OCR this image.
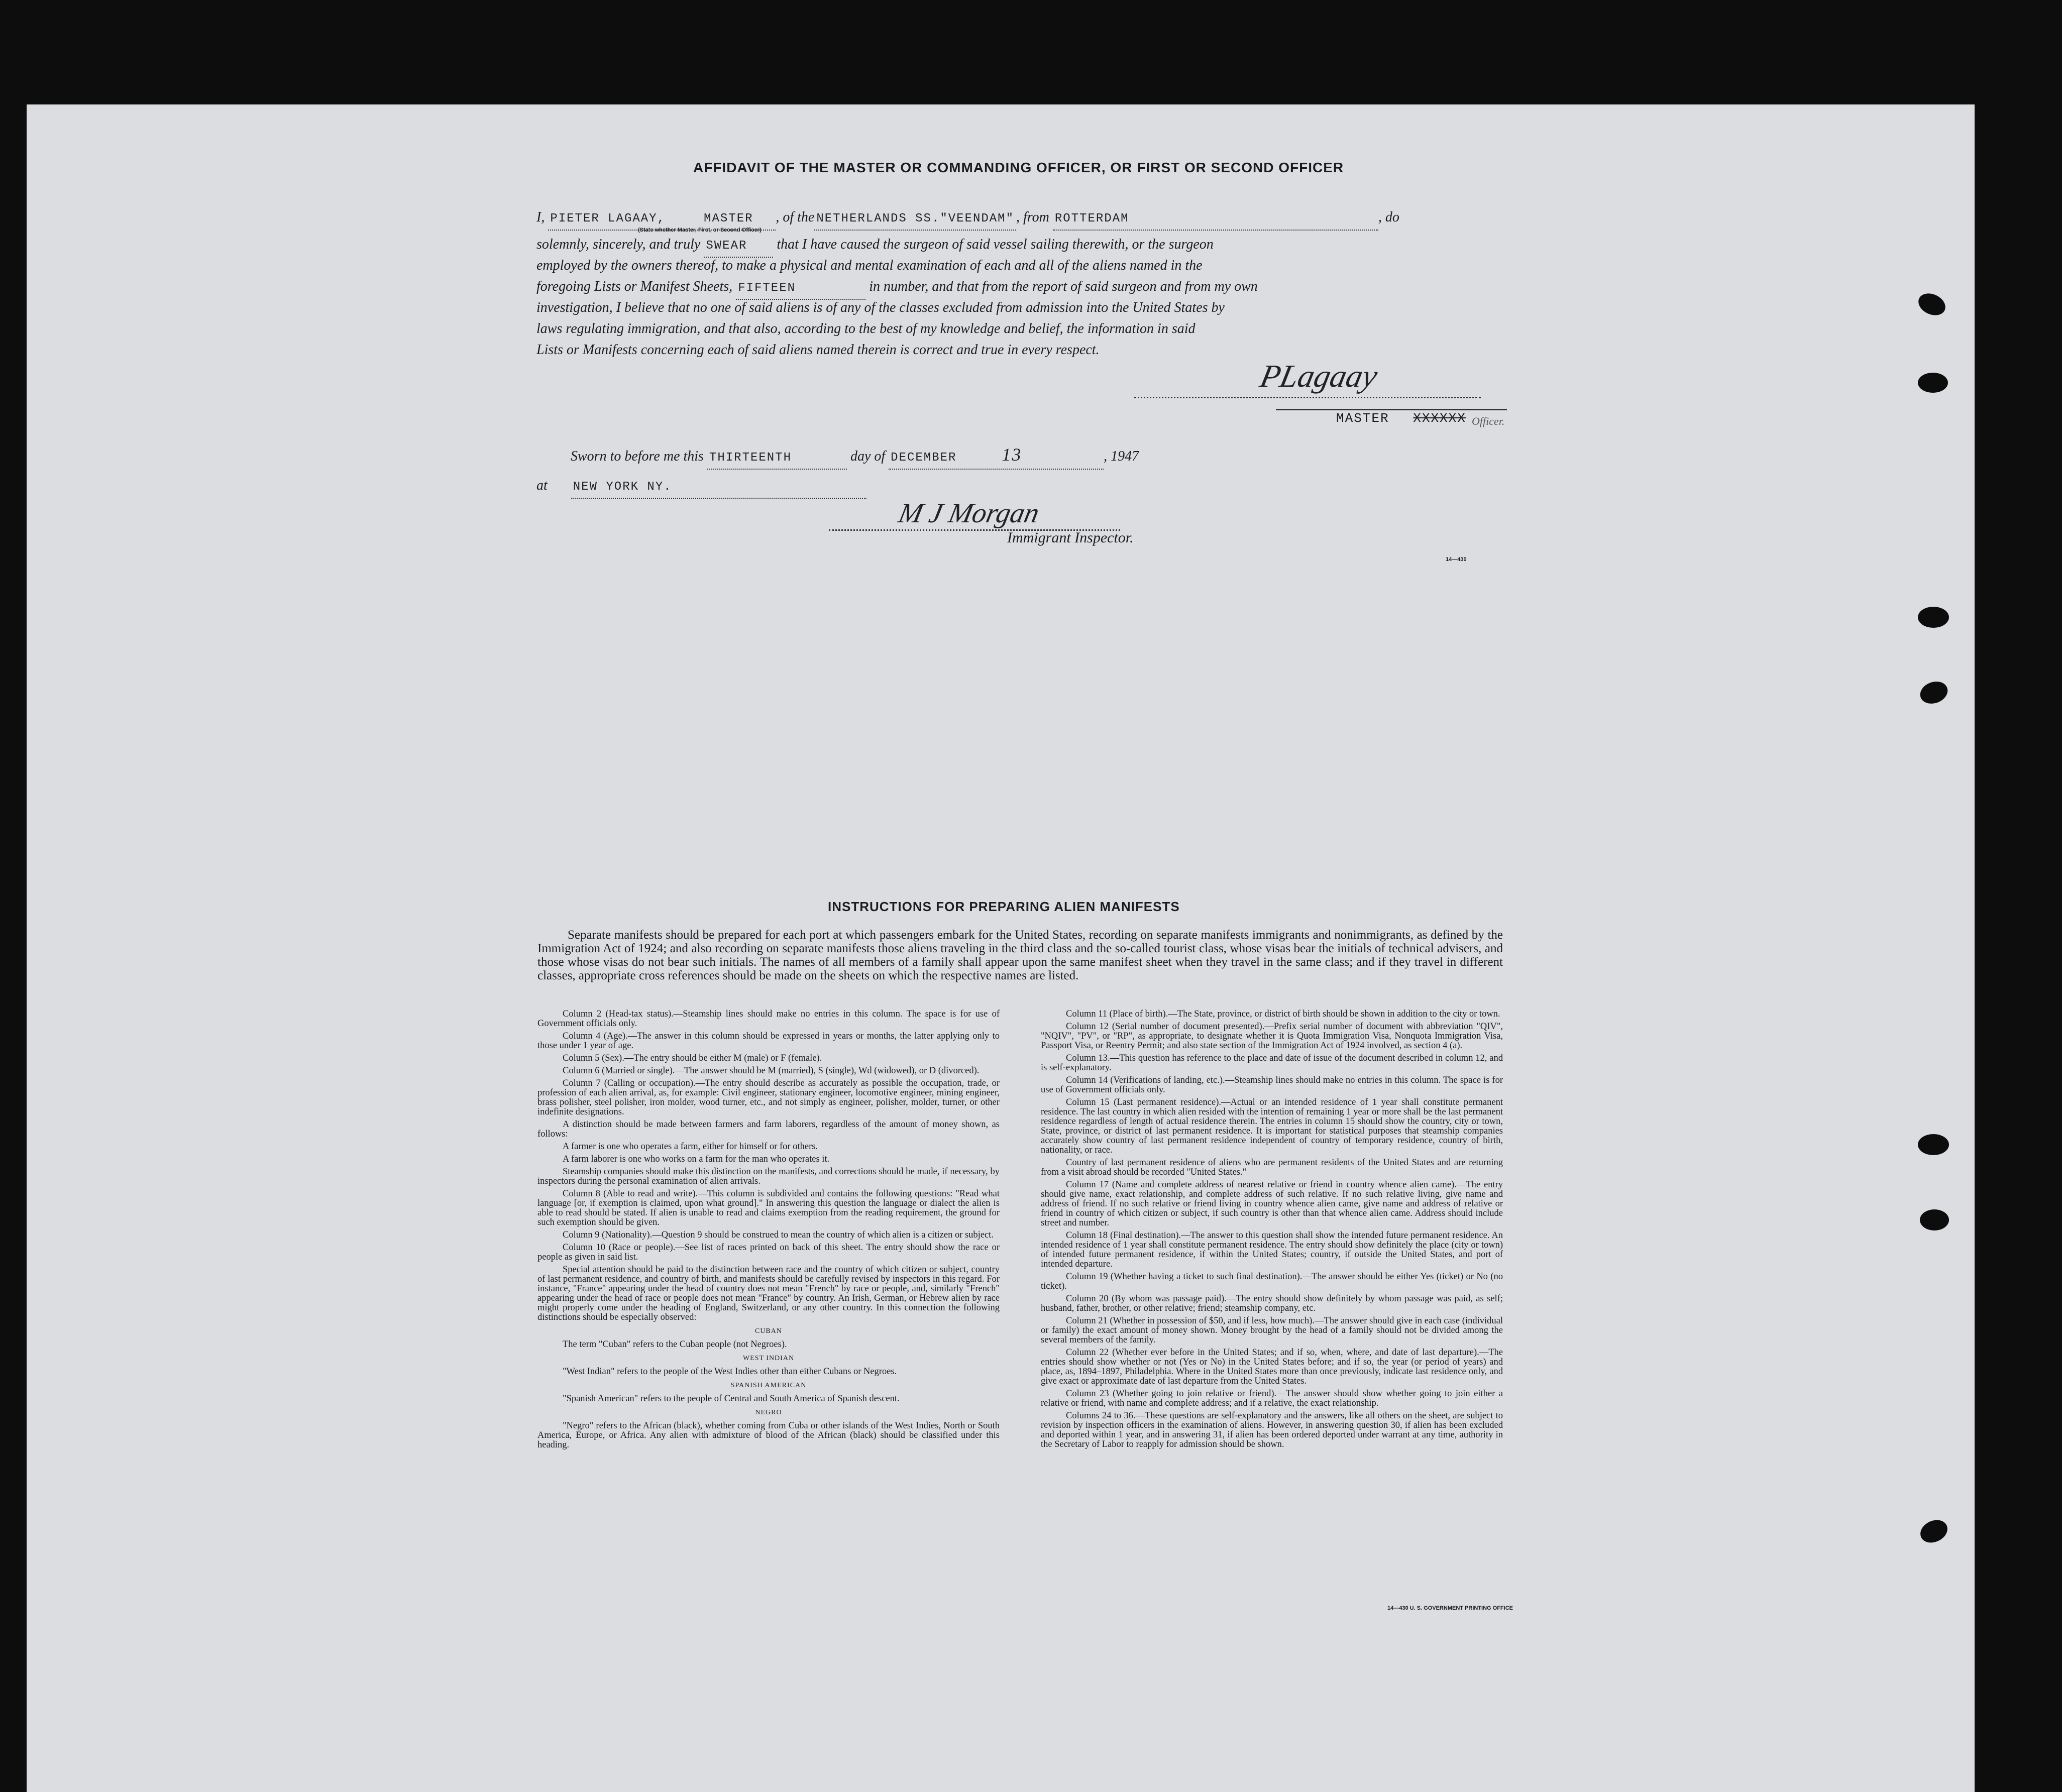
AFFIDAVIT OF THE MASTER OR COMMANDING OFFICER, OR FIRST OR SECOND OFFICER
I, PIETER LAGAAY,	MASTER , of the NETHERLANDS SS."VEENDAM" , from ROTTERDAM	, do
(State whether Master, First, or Second Officer)
solemnly, sincerely, and truly SWEAR that I have caused the surgeon of said vessel sailing therewith, or the surgeon
employed by the owners thereof, to make a physical and mental examination of each and all of the aliens named in the
foregoing Lists or Manifest Sheets, FIFTEEN	in number, and that from the report of said surgeon and from my own
investigation, I believe that no one of said aliens is of any of the classes excluded from admission into the United States by
laws regulating immigration, and that also, according to the best of my knowledge and belief, the information in said
Lists or Manifests concerning each of said aliens named therein is correct and true in every respect.
PLagaay
MASTER XXXXXX Officer.
Sworn to before me this THIRTEENTH	day of DECEMBER	13	, 1947
at NEW YORK NY.
M J Morgan
Immigrant Inspector.
14—430
INSTRUCTIONS FOR PREPARING ALIEN MANIFESTS
Separate manifests should be prepared for each port at which passengers embark for the United States, recording on separate manifests immigrants and nonimmigrants, as defined by the Immigration Act of 1924; and also recording on separate manifests those aliens traveling in the third class and the so-called tourist class, whose visas bear the initials of technical advisers, and those whose visas do not bear such initials. The names of all members of a family shall appear upon the same manifest sheet when they travel in the same class; and if they travel in different classes, appropriate cross references should be made on the sheets on which the respective names are listed.

Column 2 (Head-tax status).—Steamship lines should make no entries in this column. The space is for use of Government officials only.

Column 4 (Age).—The answer in this column should be expressed in years or months, the latter applying only to those under 1 year of age.

Column 5 (Sex).—The entry should be either M (male) or F (female).

Column 6 (Married or single).—The answer should be M (married), S (single), Wd (widowed), or D (divorced).

Column 7 (Calling or occupation).—The entry should describe as accurately as possible the occupation, trade, or profession of each alien arrival, as, for example: Civil engineer, stationary engineer, locomotive engineer, mining engineer, brass polisher, steel polisher, iron molder, wood turner, etc., and not simply as engineer, polisher, molder, turner, or other indefinite designations.

A distinction should be made between farmers and farm laborers, regardless of the amount of money shown, as follows:

A farmer is one who operates a farm, either for himself or for others.

A farm laborer is one who works on a farm for the man who operates it.

Steamship companies should make this distinction on the manifests, and corrections should be made, if necessary, by inspectors during the personal examination of alien arrivals.

Column 8 (Able to read and write).—This column is subdivided and contains the following questions: "Read what language [or, if exemption is claimed, upon what ground]." In answering this question the language or dialect the alien is able to read should be stated. If alien is unable to read and claims exemption from the reading requirement, the ground for such exemption should be given.

Column 9 (Nationality).—Question 9 should be construed to mean the country of which alien is a citizen or subject.

Column 10 (Race or people).—See list of races printed on back of this sheet. The entry should show the race or people as given in said list.

Special attention should be paid to the distinction between race and the country of which citizen or subject, country of last permanent residence, and country of birth, and manifests should be carefully revised by inspectors in this regard. For instance, "France" appearing under the head of country does not mean "French" by race or people, and, similarly "French" appearing under the head of race or people does not mean "France" by country. An Irish, German, or Hebrew alien by race might properly come under the heading of England, Switzerland, or any other country. In this connection the following distinctions should be especially observed:

CUBAN

The term "Cuban" refers to the Cuban people (not Negroes).

WEST INDIAN

"West Indian" refers to the people of the West Indies other than either Cubans or Negroes.

SPANISH AMERICAN

"Spanish American" refers to the people of Central and South America of Spanish descent.

NEGRO

"Negro" refers to the African (black), whether coming from Cuba or other islands of the West Indies, North or South America, Europe, or Africa. Any alien with admixture of blood of the African (black) should be classified under this heading.

Column 11 (Place of birth).—The State, province, or district of birth should be shown in addition to the city or town.

Column 12 (Serial number of document presented).—Prefix serial number of document with abbreviation "QIV", "NQIV", "PV", or "RP", as appropriate, to designate whether it is Quota Immigration Visa, Nonquota Immigration Visa, Passport Visa, or Reentry Permit; and also state section of the Immigration Act of 1924 involved, as section 4 (a).

Column 13.—This question has reference to the place and date of issue of the document described in column 12, and is self-explanatory.

Column 14 (Verifications of landing, etc.).—Steamship lines should make no entries in this column. The space is for use of Government officials only.

Column 15 (Last permanent residence).—Actual or an intended residence of 1 year shall constitute permanent residence. The last country in which alien resided with the intention of remaining 1 year or more shall be the last permanent residence regardless of length of actual residence therein. The entries in column 15 should show the country, city or town, State, province, or district of last permanent residence. It is important for statistical purposes that steamship companies accurately show country of last permanent residence independent of country of temporary residence, country of birth, nationality, or race.

Country of last permanent residence of aliens who are permanent residents of the United States and are returning from a visit abroad should be recorded "United States."

Column 17 (Name and complete address of nearest relative or friend in country whence alien came).—The entry should give name, exact relationship, and complete address of such relative. If no such relative living, give name and address of friend. If no such relative or friend living in country whence alien came, give name and address of relative or friend in country of which citizen or subject, if such country is other than that whence alien came. Address should include street and number.

Column 18 (Final destination).—The answer to this question shall show the intended future permanent residence. An intended residence of 1 year shall constitute permanent residence. The entry should show definitely the place (city or town) of intended future permanent residence, if within the United States; country, if outside the United States, and port of intended departure.

Column 19 (Whether having a ticket to such final destination).—The answer should be either Yes (ticket) or No (no ticket).

Column 20 (By whom was passage paid).—The entry should show definitely by whom passage was paid, as self; husband, father, brother, or other relative; friend; steamship company, etc.

Column 21 (Whether in possession of $50, and if less, how much).—The answer should give in each case (individual or family) the exact amount of money shown. Money brought by the head of a family should not be divided among the several members of the family.

Column 22 (Whether ever before in the United States; and if so, when, where, and date of last departure).—The entries should show whether or not (Yes or No) in the United States before; and if so, the year (or period of years) and place, as, 1894–1897, Philadelphia. Where in the United States more than once previously, indicate last residence only, and give exact or approximate date of last departure from the United States.

Column 23 (Whether going to join relative or friend).—The answer should show whether going to join either a relative or friend, with name and complete address; and if a relative, the exact relationship.

Columns 24 to 36.—These questions are self-explanatory and the answers, like all others on the sheet, are subject to revision by inspection officers in the examination of aliens. However, in answering question 30, if alien has been excluded and deported within 1 year, and in answering 31, if alien has been ordered deported under warrant at any time, authority in the Secretary of Labor to reapply for admission should be shown.

14—430 U. S. GOVERNMENT PRINTING OFFICE
